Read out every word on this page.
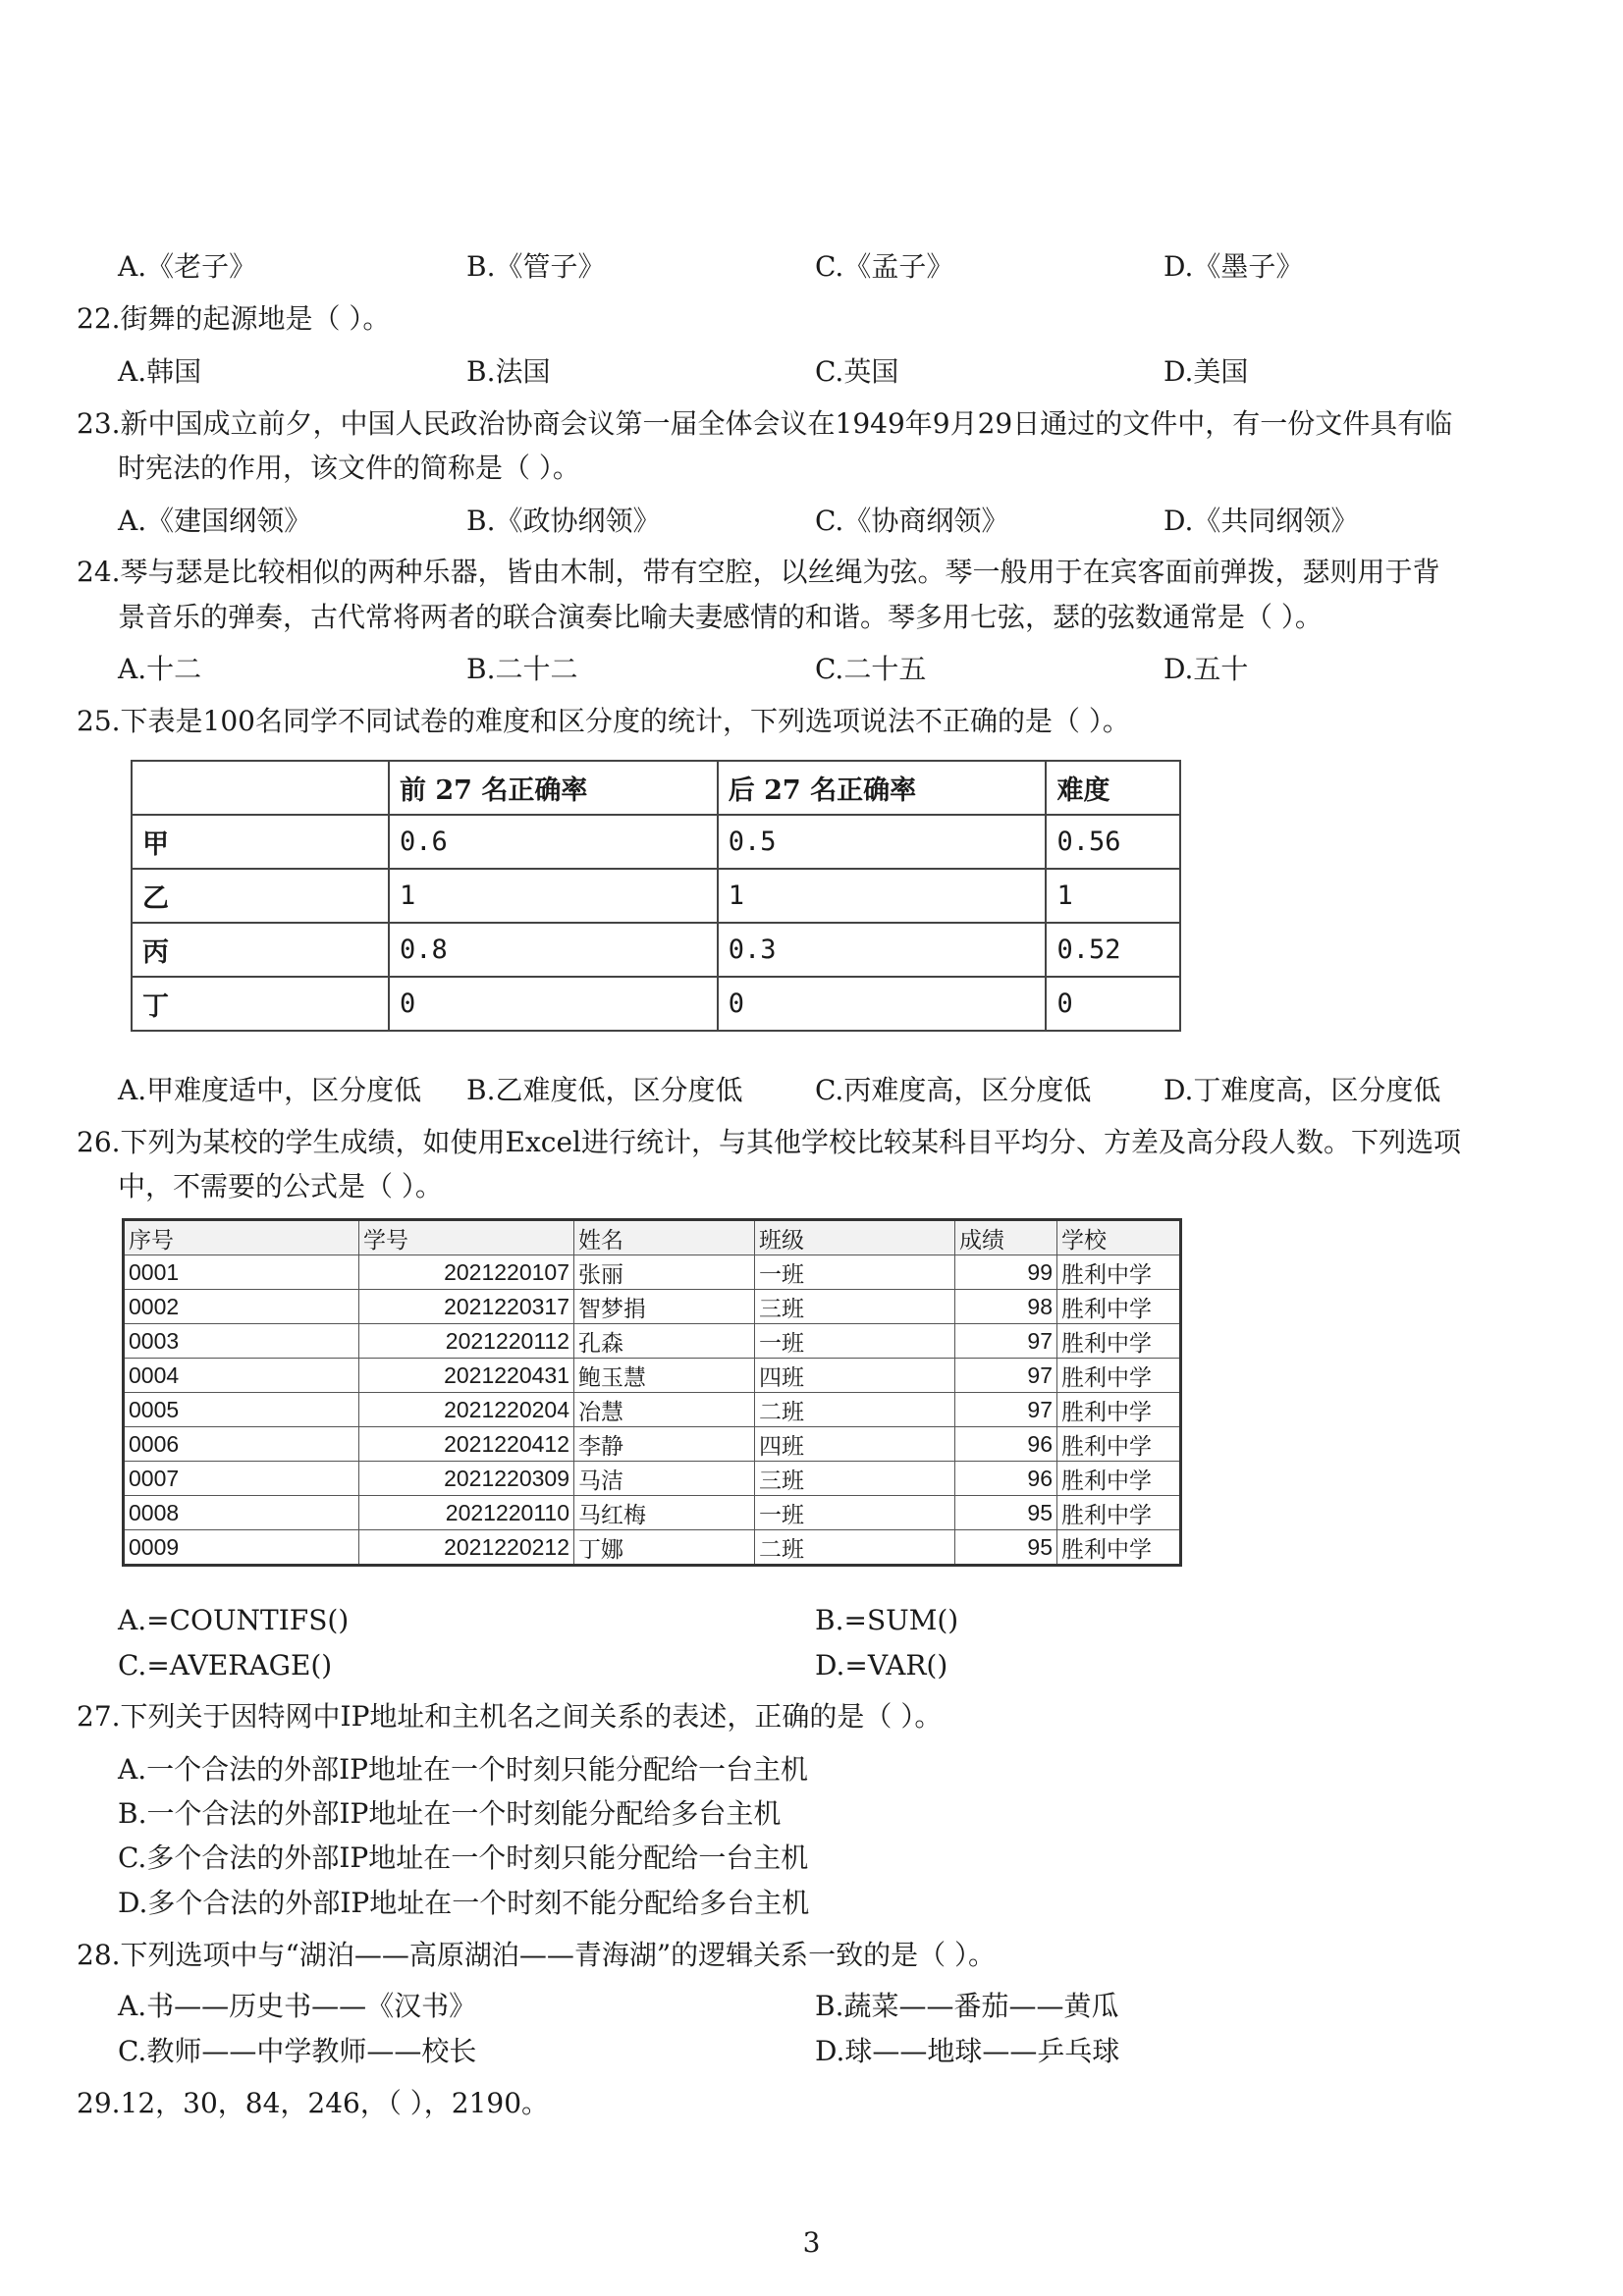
A.《老子》	B.《管子》	C.《孟子》	D.《墨子》
22.街舞的起源地是（ ）。
A.韩国	B.法国	C.英国	D.美国
23.新中国成立前夕，中国人民政治协商会议第一届全体会议在1949年9月29日通过的文件中，有一份文件具有临
时宪法的作用，该文件的简称是（ ）。
A.《建国纲领》	B.《政协纲领》	C.《协商纲领》	D.《共同纲领》
24.琴与瑟是比较相似的两种乐器，皆由木制，带有空腔，以丝绳为弦。琴一般用于在宾客面前弹拨，瑟则用于背
景音乐的弹奏，古代常将两者的联合演奏比喻夫妻感情的和谐。琴多用七弦，瑟的弦数通常是（ ）。
A.十二	B.二十二	C.二十五	D.五十
25.下表是100名同学不同试卷的难度和区分度的统计，下列选项说法不正确的是（ ）。
	前 27 名正确率	后 27 名正确率	难度
甲	0.6	0.5	0.56
乙	1	1	1
丙	0.8	0.3	0.52
丁	0	0	0
A.甲难度适中，区分度低 B.乙难度低，区分度低	C.丙难度高，区分度低	D.丁难度高，区分度低
26.下列为某校的学生成绩，如使用Excel进行统计，与其他学校比较某科目平均分、方差及高分段人数。下列选项
中，不需要的公式是（ ）。
序号	学号	姓名	班级	成绩	学校
0001	2021220107	张丽	一班	99	胜利中学
0002	2021220317	智梦捐	三班	98	胜利中学
0003	2021220112	孔森	一班	97	胜利中学
0004	2021220431	鲍玉慧	四班	97	胜利中学
0005	2021220204	冶慧	二班	97	胜利中学
0006	2021220412	李静	四班	96	胜利中学
0007	2021220309	马洁	三班	96	胜利中学
0008	2021220110	马红梅	一班	95	胜利中学
0009	2021220212	丁娜	二班	95	胜利中学
A.=COUNTIFS()	B.=SUM()
C.=AVERAGE()	D.=VAR()
27.下列关于因特网中IP地址和主机名之间关系的表述，正确的是（ ）。
A.一个合法的外部IP地址在一个时刻只能分配给一台主机
B.一个合法的外部IP地址在一个时刻能分配给多台主机
C.多个合法的外部IP地址在一个时刻只能分配给一台主机
D.多个合法的外部IP地址在一个时刻不能分配给多台主机
28.下列选项中与“湖泊——高原湖泊——青海湖”的逻辑关系一致的是（ ）。
A.书——历史书——《汉书》	B.蔬菜——番茄——黄瓜
C.教师——中学教师——校长	D.球——地球——乒乓球
29.12，30，84，246，（ ），2190。
3
